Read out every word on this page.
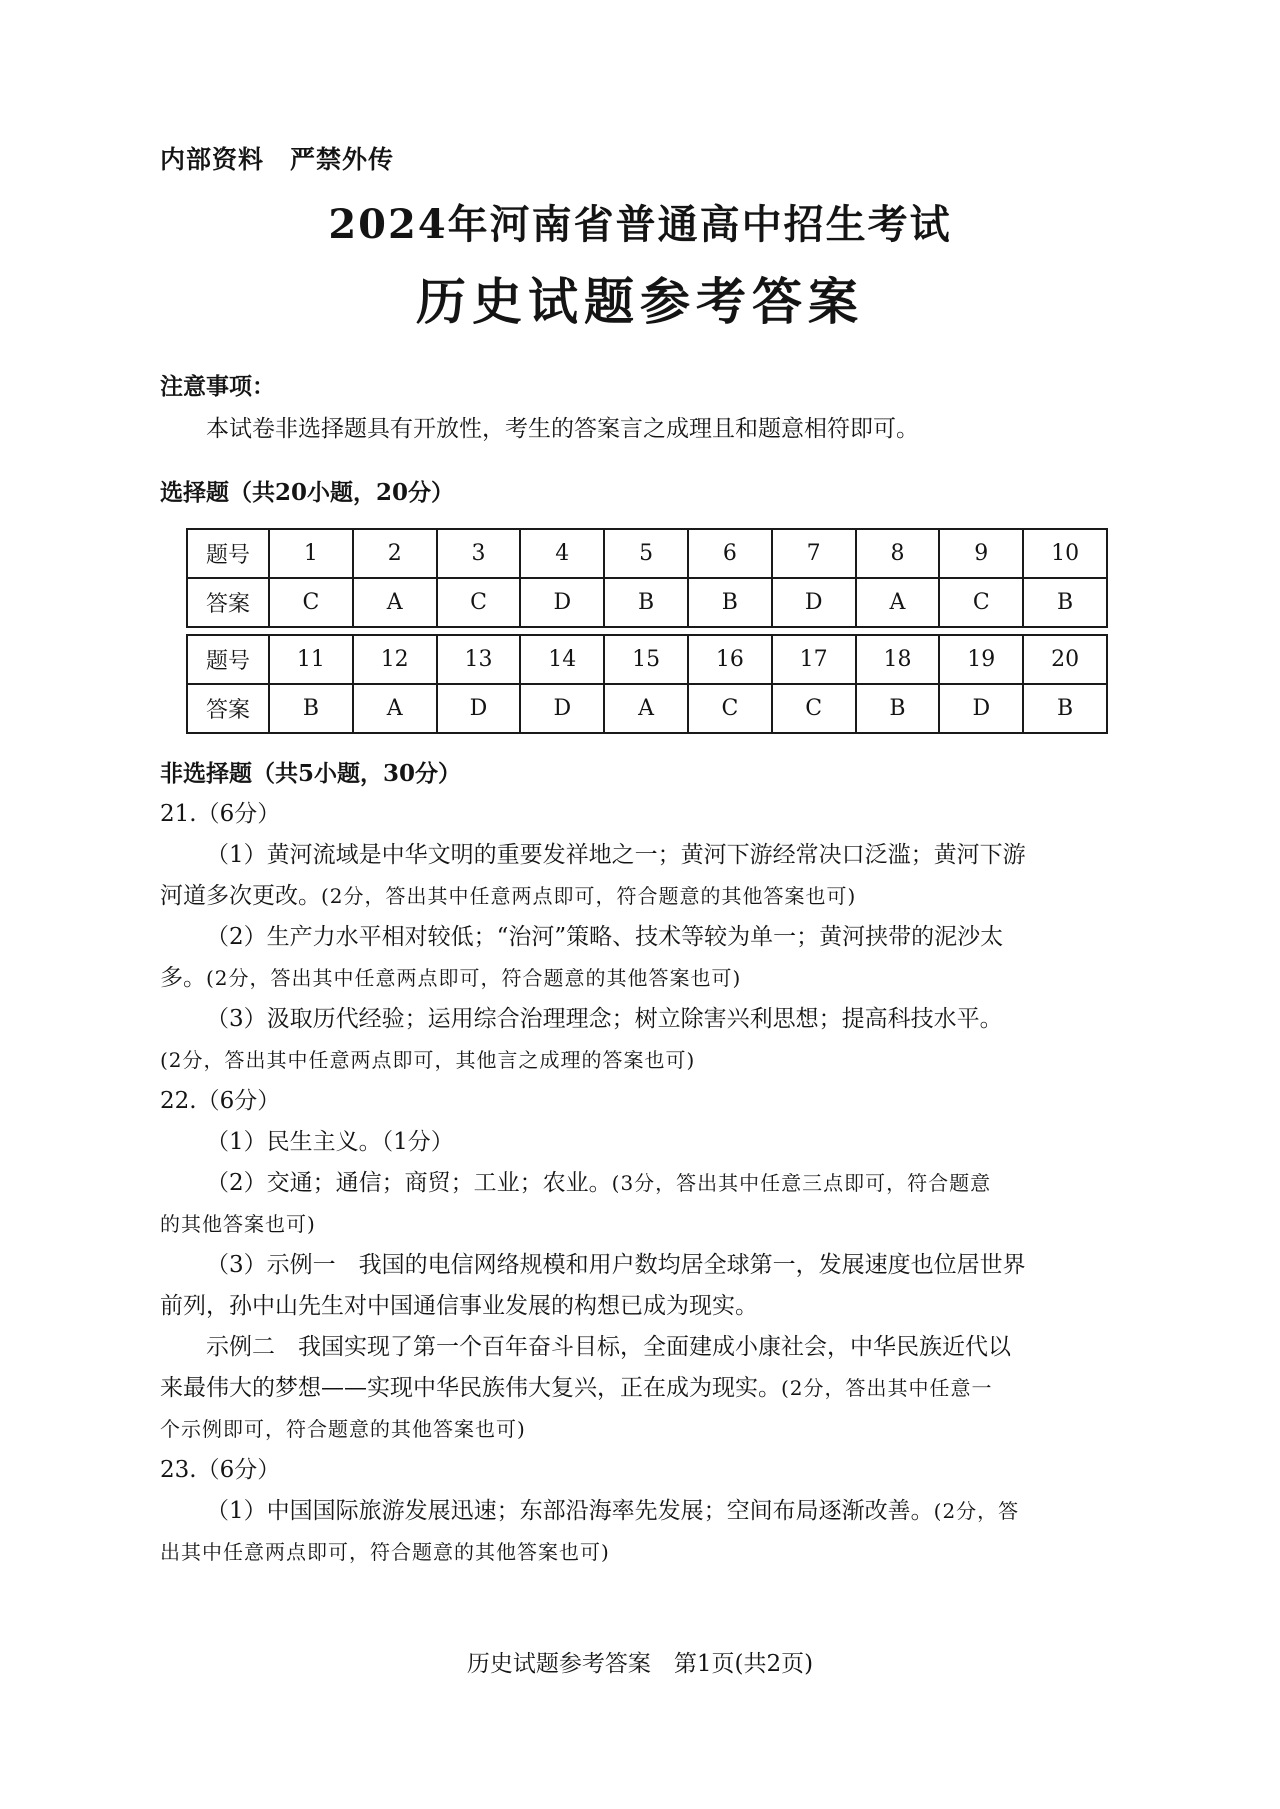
内部资料　严禁外传
2024年河南省普通高中招生考试
历史试题参考答案
注意事项：
本试卷非选择题具有开放性，考生的答案言之成理且和题意相符即可。
选择题（共20小题，20分）
题号	1	2	3	4	5	6	7	8	9	10
答案	C	A	C	D	B	B	D	A	C	B
题号	11	12	13	14	15	16	17	18	19	20
答案	B	A	D	D	A	C	C	B	D	B
非选择题（共5小题，30分）
21.（6分）
（1）黄河流域是中华文明的重要发祥地之一；黄河下游经常决口泛滥；黄河下游
河道多次更改。(2分，答出其中任意两点即可，符合题意的其他答案也可)
（2）生产力水平相对较低；“治河”策略、技术等较为单一；黄河挟带的泥沙太
多。(2分，答出其中任意两点即可，符合题意的其他答案也可)
（3）汲取历代经验；运用综合治理理念；树立除害兴利思想；提高科技水平。
(2分，答出其中任意两点即可，其他言之成理的答案也可)
22.（6分）
（1）民生主义。（1分）
（2）交通；通信；商贸；工业；农业。(3分，答出其中任意三点即可，符合题意
的其他答案也可)
（3）示例一　我国的电信网络规模和用户数均居全球第一，发展速度也位居世界
前列，孙中山先生对中国通信事业发展的构想已成为现实。
示例二　我国实现了第一个百年奋斗目标，全面建成小康社会，中华民族近代以
来最伟大的梦想——实现中华民族伟大复兴，正在成为现实。(2分，答出其中任意一
个示例即可，符合题意的其他答案也可)
23.（6分）
（1）中国国际旅游发展迅速；东部沿海率先发展；空间布局逐渐改善。(2分，答
出其中任意两点即可，符合题意的其他答案也可)
历史试题参考答案　第1页(共2页)
